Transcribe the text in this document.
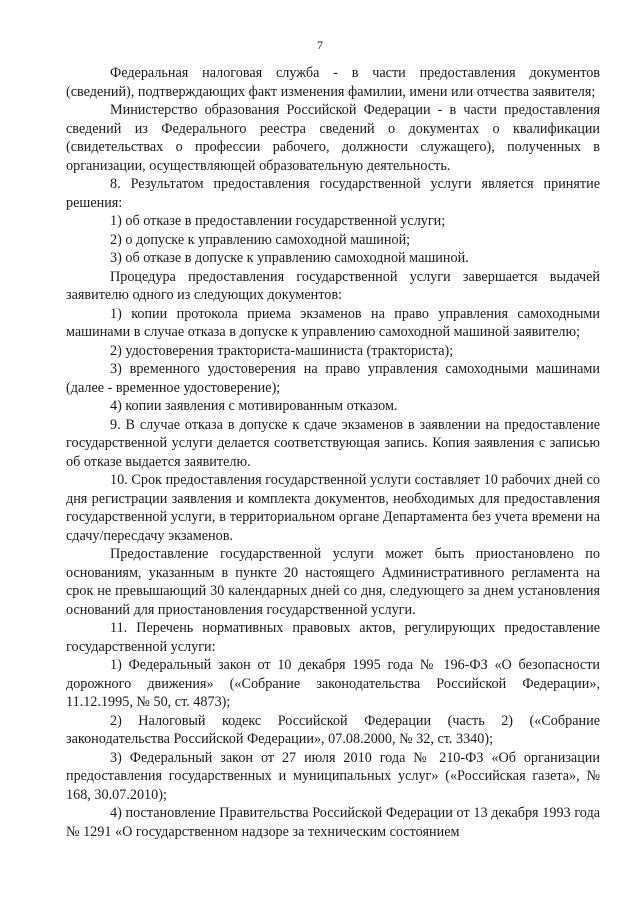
7

Федеральная налоговая служба - в части предоставления документов (сведений), подтверждающих факт изменения фамилии, имени или отчества заявителя;

Министерство образования Российской Федерации - в части предоставления сведений из Федерального реестра сведений о документах о квалификации (свидетельствах о профессии рабочего, должности служащего), полученных в организации, осуществляющей образовательную деятельность.

8. Результатом предоставления государственной услуги является принятие решения:

1) об отказе в предоставлении государственной услуги;

2) о допуске к управлению самоходной машиной;

3) об отказе в допуске к управлению самоходной машиной.

Процедура предоставления государственной услуги завершается выдачей заявителю одного из следующих документов:

1) копии протокола приема экзаменов на право управления самоходными машинами в случае отказа в допуске к управлению самоходной машиной заявителю;

2) удостоверения тракториста-машиниста (тракториста);

3) временного удостоверения на право управления самоходными машинами (далее - временное удостоверение);

4) копии заявления с мотивированным отказом.

9. В случае отказа в допуске к сдаче экзаменов в заявлении на предоставление государственной услуги делается соответствующая запись. Копия заявления с записью об отказе выдается заявителю.

10. Срок предоставления государственной услуги составляет 10 рабочих дней со дня регистрации заявления и комплекта документов, необходимых для предоставления государственной услуги, в территориальном органе Департамента без учета времени на сдачу/пересдачу экзаменов.

Предоставление государственной услуги может быть приостановлено по основаниям, указанным в пункте 20 настоящего Административного регламента на срок не превышающий 30 календарных дней со дня, следующего за днем установления оснований для приостановления государственной услуги.

11. Перечень нормативных правовых актов, регулирующих предоставление государственной услуги:

1) Федеральный закон от 10 декабря 1995 года № 196-ФЗ «О безопасности дорожного движения» («Собрание законодательства Российской Федерации», 11.12.1995, № 50, ст. 4873);

2) Налоговый кодекс Российской Федерации (часть 2) («Собрание законодательства Российской Федерации», 07.08.2000, № 32, ст. 3340);

3) Федеральный закон от 27 июля 2010 года № 210-ФЗ «Об организации предоставления государственных и муниципальных услуг» («Российская газета», № 168, 30.07.2010);

4) постановление Правительства Российской Федерации от 13 декабря 1993 года № 1291 «О государственном надзоре за техническим состоянием
